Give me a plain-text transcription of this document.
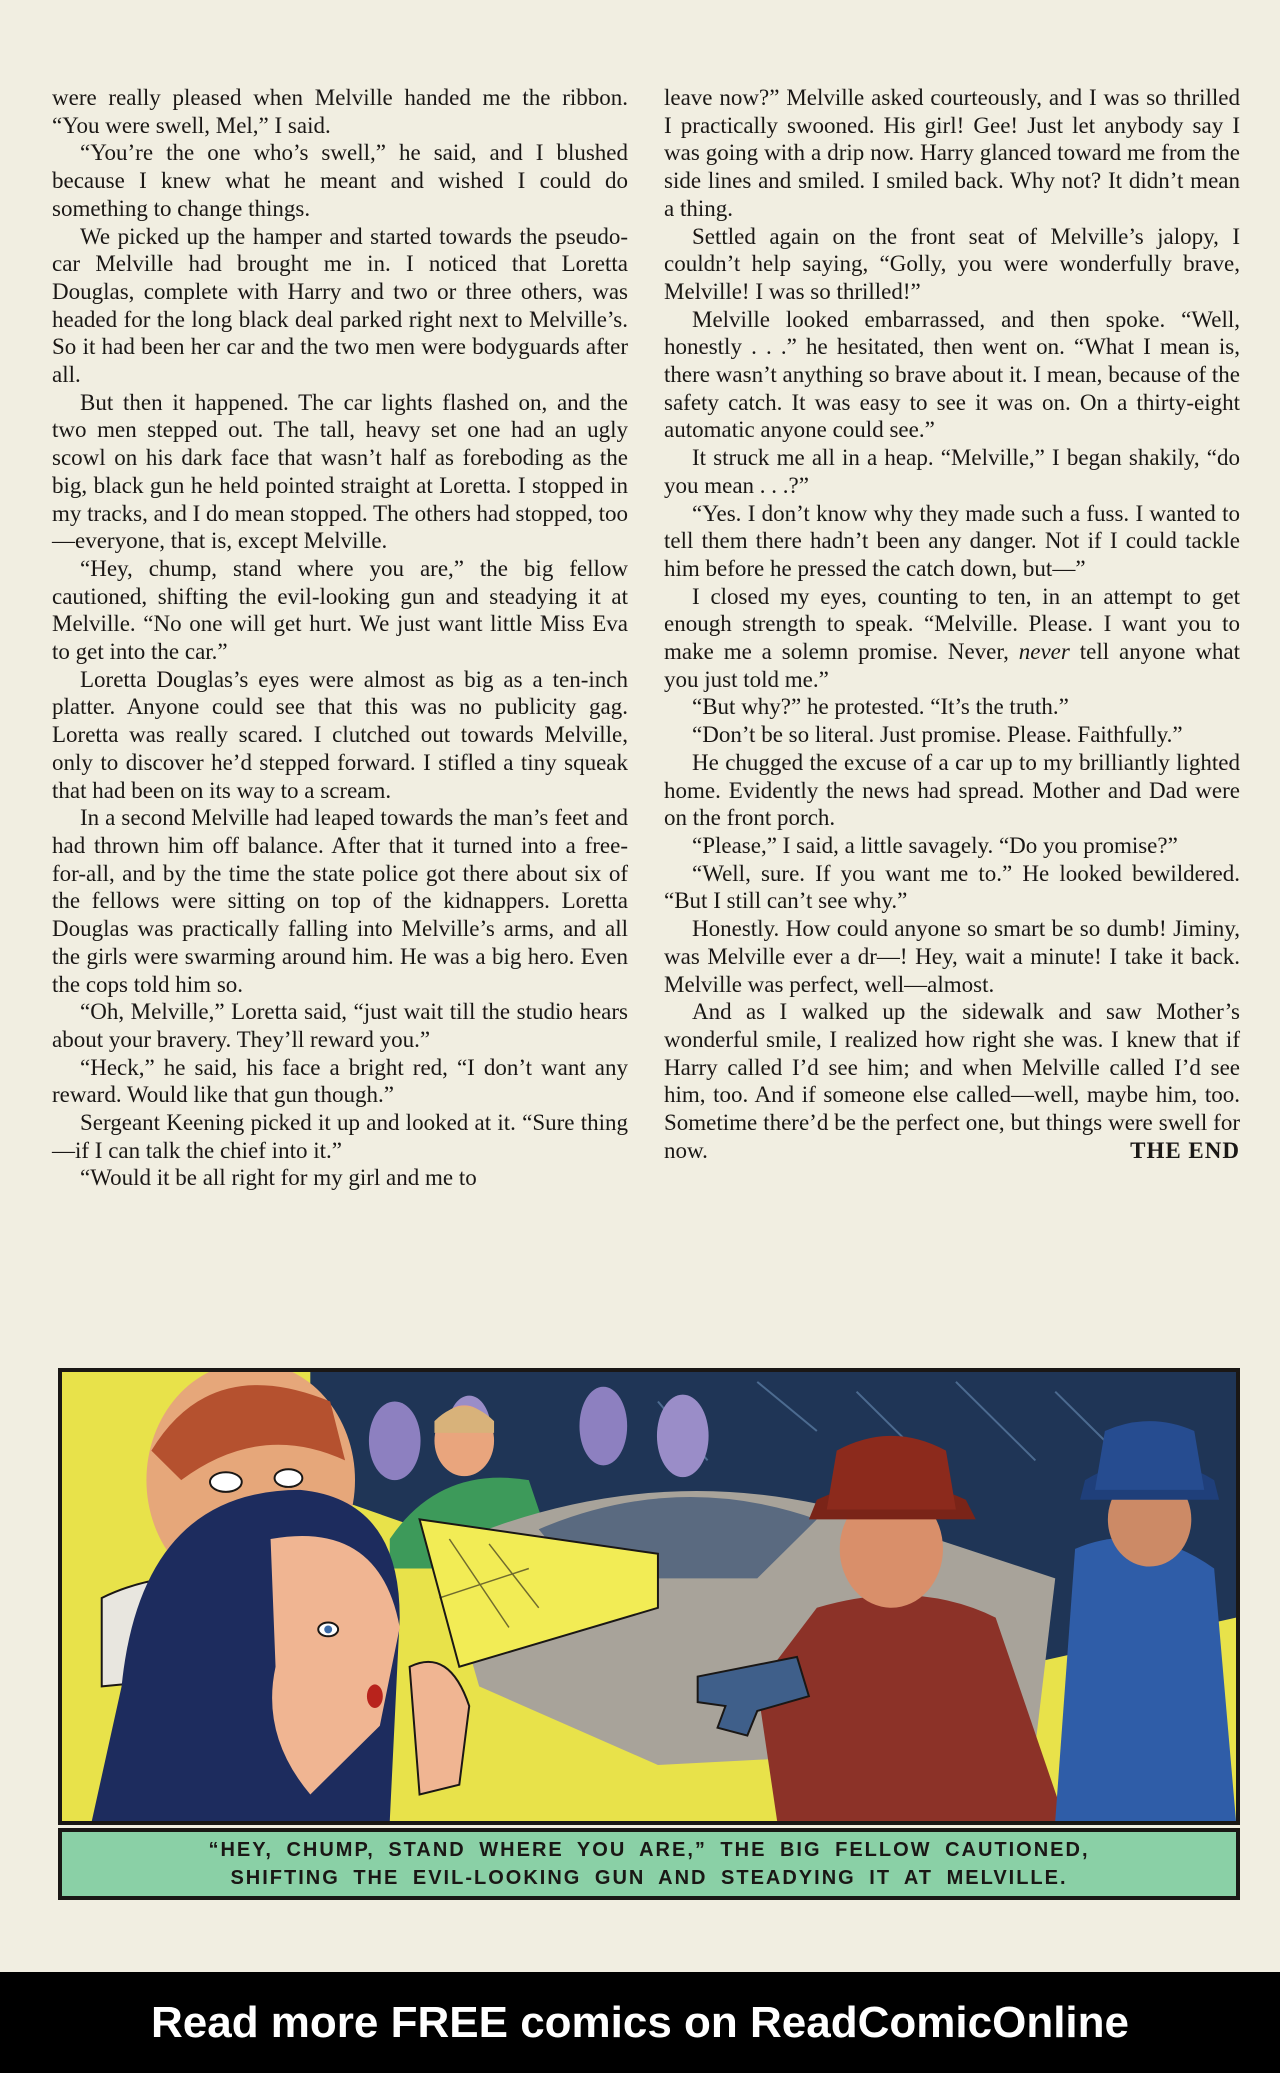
were really pleased when Melville handed me the ribbon. “You were swell, Mel,” I said.

“You’re the one who’s swell,” he said, and I blushed because I knew what he meant and wished I could do something to change things.

We picked up the hamper and started towards the pseudo-car Melville had brought me in. I noticed that Loretta Douglas, complete with Harry and two or three others, was headed for the long black deal parked right next to Melville’s. So it had been her car and the two men were bodyguards after all.

But then it happened. The car lights flashed on, and the two men stepped out. The tall, heavy set one had an ugly scowl on his dark face that wasn’t half as foreboding as the big, black gun he held pointed straight at Loretta. I stopped in my tracks, and I do mean stopped. The others had stopped, too—everyone, that is, except Melville.

“Hey, chump, stand where you are,” the big fellow cautioned, shifting the evil-looking gun and steadying it at Melville. “No one will get hurt. We just want little Miss Eva to get into the car.”

Loretta Douglas’s eyes were almost as big as a ten-inch platter. Anyone could see that this was no publicity gag. Loretta was really scared. I clutched out towards Melville, only to discover he’d stepped forward. I stifled a tiny squeak that had been on its way to a scream.

In a second Melville had leaped towards the man’s feet and had thrown him off balance. After that it turned into a free-for-all, and by the time the state police got there about six of the fellows were sitting on top of the kidnappers. Loretta Douglas was practically falling into Melville’s arms, and all the girls were swarming around him. He was a big hero. Even the cops told him so.

“Oh, Melville,” Loretta said, “just wait till the studio hears about your bravery. They’ll reward you.”

“Heck,” he said, his face a bright red, “I don’t want any reward. Would like that gun though.”

Sergeant Keening picked it up and looked at it. “Sure thing—if I can talk the chief into it.”

“Would it be all right for my girl and me to

leave now?” Melville asked courteously, and I was so thrilled I practically swooned. His girl! Gee! Just let anybody say I was going with a drip now. Harry glanced toward me from the side lines and smiled. I smiled back. Why not? It didn’t mean a thing.

Settled again on the front seat of Melville’s jalopy, I couldn’t help saying, “Golly, you were wonderfully brave, Melville! I was so thrilled!”

Melville looked embarrassed, and then spoke. “Well, honestly . . .” he hesitated, then went on. “What I mean is, there wasn’t anything so brave about it. I mean, because of the safety catch. It was easy to see it was on. On a thirty-eight automatic anyone could see.”

It struck me all in a heap. “Melville,” I began shakily, “do you mean . . .?”

“Yes. I don’t know why they made such a fuss. I wanted to tell them there hadn’t been any danger. Not if I could tackle him before he pressed the catch down, but—”

I closed my eyes, counting to ten, in an attempt to get enough strength to speak. “Melville. Please. I want you to make me a solemn promise. Never, never tell anyone what you just told me.”

“But why?” he protested. “It’s the truth.”

“Don’t be so literal. Just promise. Please. Faithfully.”

He chugged the excuse of a car up to my brilliantly lighted home. Evidently the news had spread. Mother and Dad were on the front porch.

“Please,” I said, a little savagely. “Do you promise?”

“Well, sure. If you want me to.” He looked bewildered. “But I still can’t see why.”

Honestly. How could anyone so smart be so dumb! Jiminy, was Melville ever a dr—! Hey, wait a minute! I take it back. Melville was perfect, well—almost.

And as I walked up the sidewalk and saw Mother’s wonderful smile, I realized how right she was. I knew that if Harry called I’d see him; and when Melville called I’d see him, too. And if someone else called—well, maybe him, too. Sometime there’d be the perfect one, but things were swell for now.	THE END
“HEY, CHUMP, STAND WHERE YOU ARE,” THE BIG FELLOW CAUTIONED,
SHIFTING THE EVIL-LOOKING GUN AND STEADYING IT AT MELVILLE.
Read more FREE comics on ReadComicOnline
